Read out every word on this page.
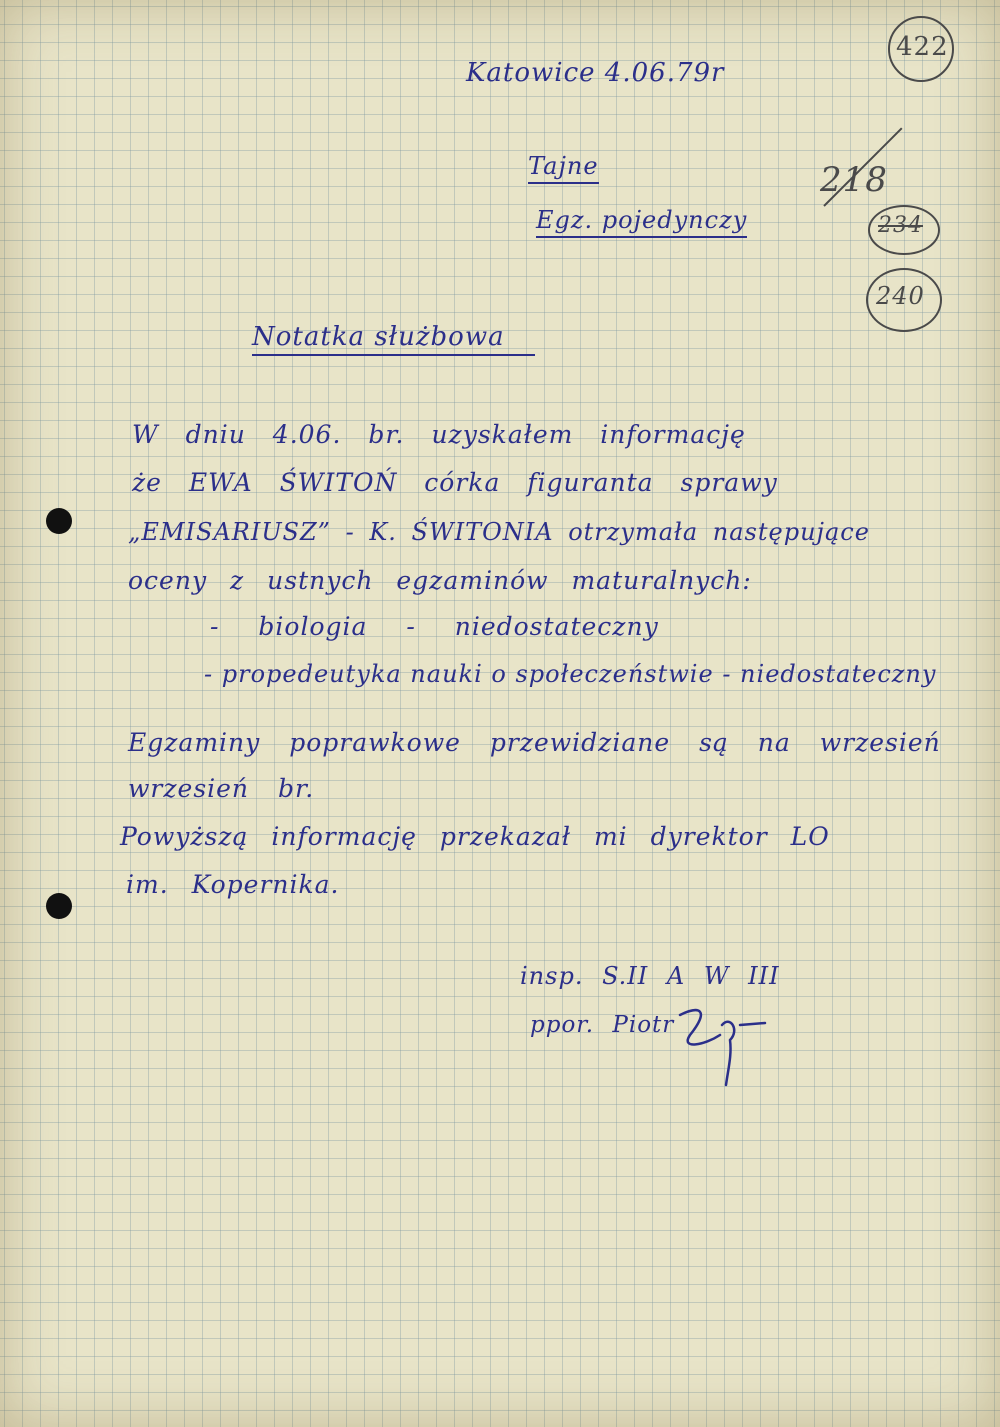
422
218
234
240
Katowice 4.06.79r
Tajne
Egz. pojedynczy
Notatka służbowa
W dniu 4.06. br. uzyskałem informację
że EWA ŚWITOŃ córka figuranta sprawy
„EMISARIUSZ” - K. ŚWITONIA otrzymała następujące
oceny z ustnych egzaminów maturalnych:
- biologia - niedostateczny
- propedeutyka nauki o społeczeństwie - niedostateczny
Egzaminy poprawkowe przewidziane są na wrzesień
wrzesień br.
Powyższą informację przekazał mi dyrektor LO
im. Kopernika.
insp. S.II A W III
ppor. Piotr
